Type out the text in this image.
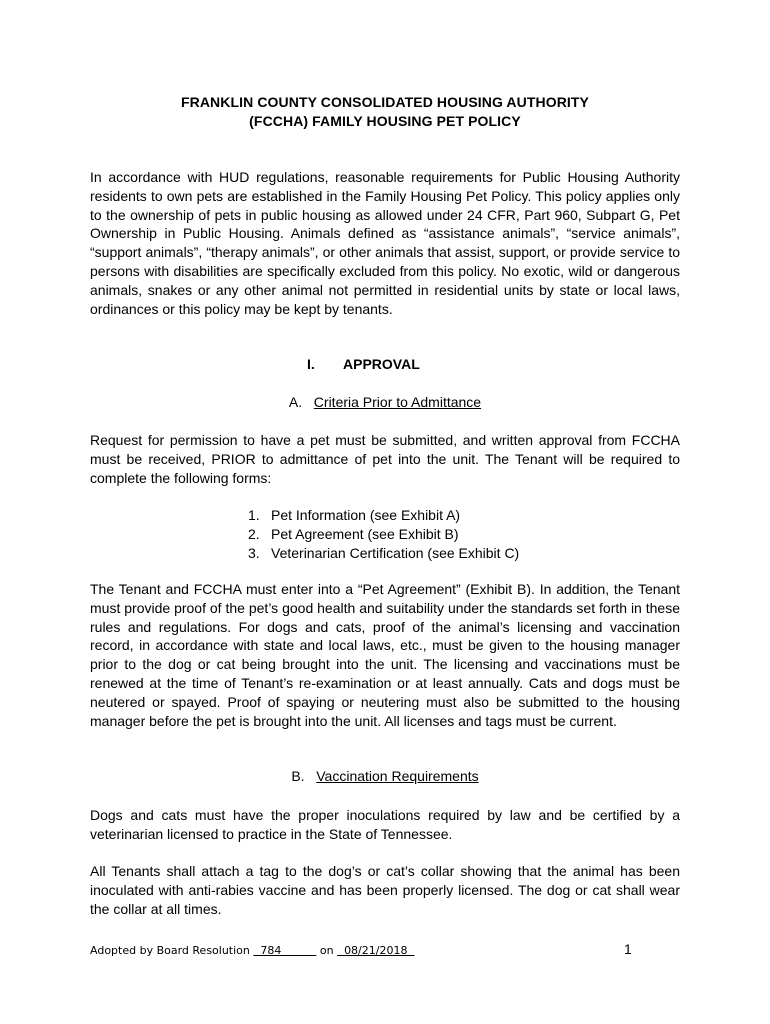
FRANKLIN COUNTY CONSOLIDATED HOUSING AUTHORITY
(FCCHA) FAMILY HOUSING PET POLICY

In accordance with HUD regulations, reasonable requirements for Public Housing Authority residents to own pets are established in the Family Housing Pet Policy. This policy applies only to the ownership of pets in public housing as allowed under 24 CFR, Part 960, Subpart G, Pet Ownership in Public Housing. Animals defined as “assistance animals”, “service animals”, “support animals”, “therapy animals”, or other animals that assist, support, or provide service to persons with disabilities are specifically excluded from this policy. No exotic, wild or dangerous animals, snakes or any other animal not permitted in residential units by state or local laws, ordinances or this policy may be kept by tenants.

I. APPROVAL
A. Criteria Prior to Admittance

Request for permission to have a pet must be submitted, and written approval from FCCHA must be received, PRIOR to admittance of pet into the unit. The Tenant will be required to complete the following forms:

1. Pet Information (see Exhibit A)
2. Pet Agreement (see Exhibit B)
3. Veterinarian Certification (see Exhibit C)

The Tenant and FCCHA must enter into a “Pet Agreement” (Exhibit B). In addition, the Tenant must provide proof of the pet’s good health and suitability under the standards set forth in these rules and regulations. For dogs and cats, proof of the animal’s licensing and vaccination record, in accordance with state and local laws, etc., must be given to the housing manager prior to the dog or cat being brought into the unit. The licensing and vaccinations must be renewed at the time of Tenant’s re-examination or at least annually. Cats and dogs must be neutered or spayed. Proof of spaying or neutering must also be submitted to the housing manager before the pet is brought into the unit. All licenses and tags must be current.

B. Vaccination Requirements

Dogs and cats must have the proper inoculations required by law and be certified by a veterinarian licensed to practice in the State of Tennessee.

All Tenants shall attach a tag to the dog’s or cat’s collar showing that the animal has been inoculated with anti-rabies vaccine and has been properly licensed. The dog or cat shall wear the collar at all times.

Adopted by Board Resolution 784	on 08/21/2018	1
